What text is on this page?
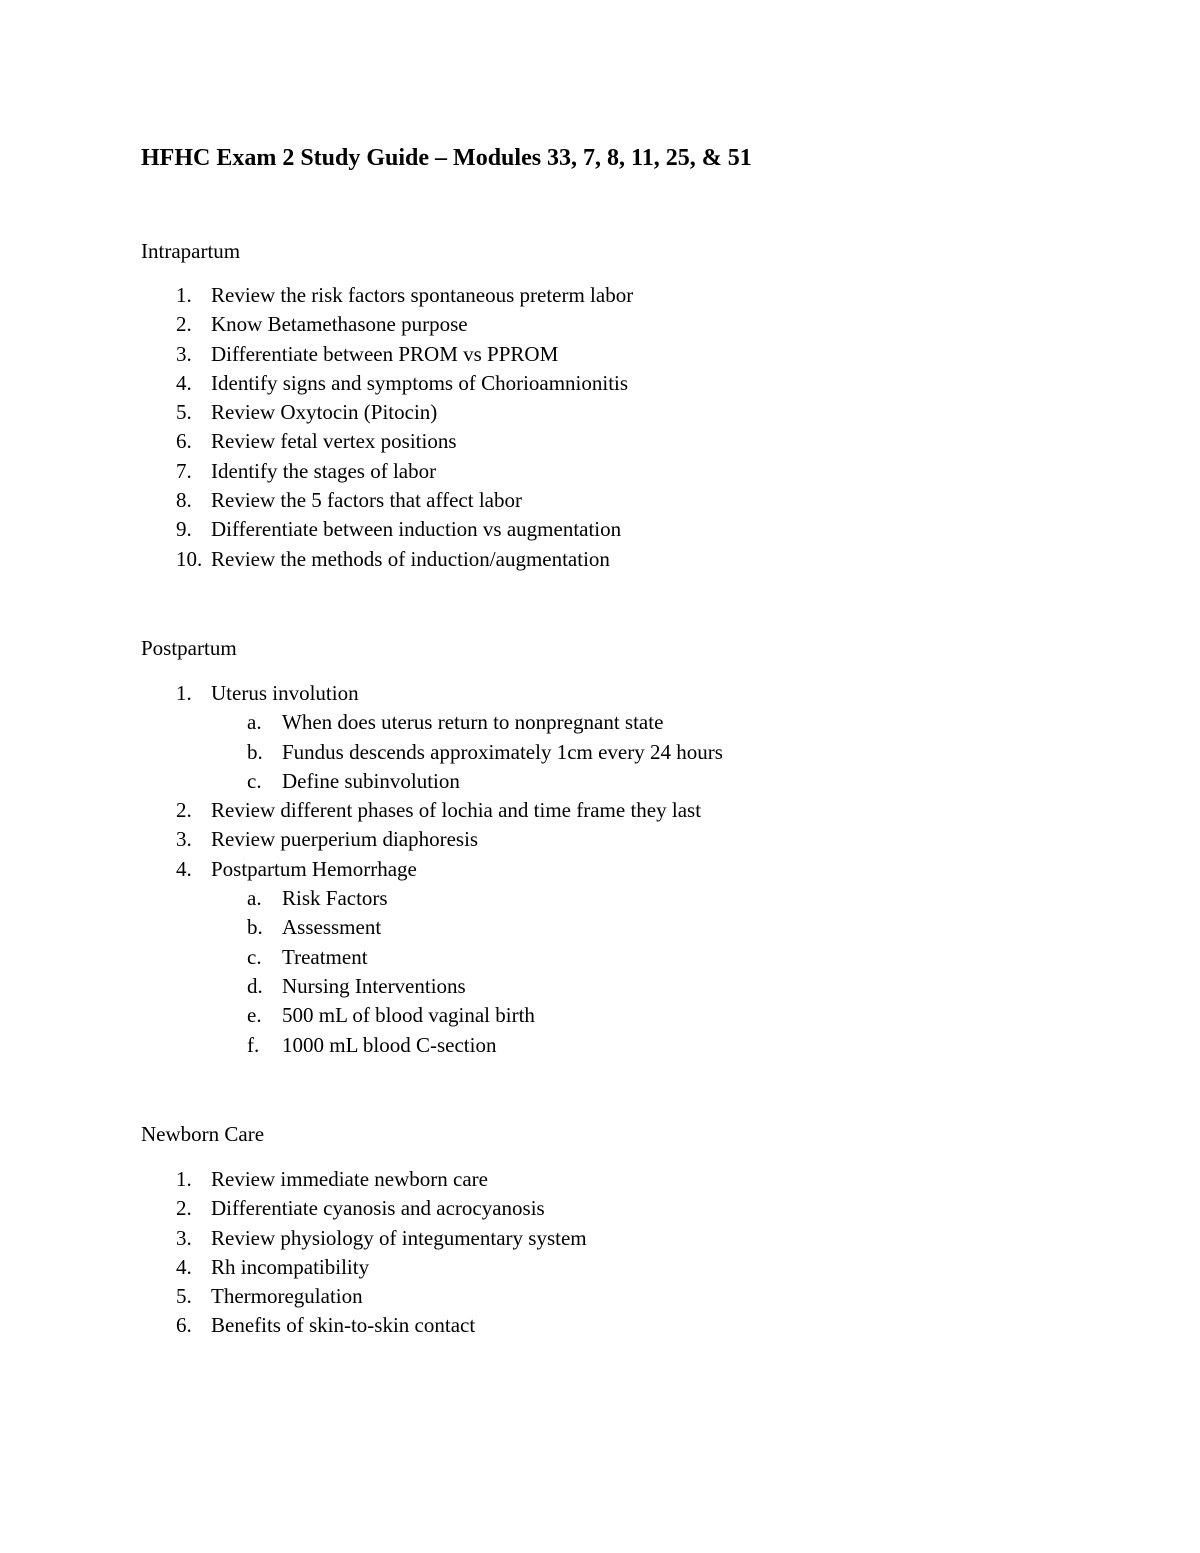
HFHC Exam 2 Study Guide – Modules 33, 7, 8, 11, 25, & 51
Intrapartum
1. Review the risk factors spontaneous preterm labor
2. Know Betamethasone purpose
3. Differentiate between PROM vs PPROM
4. Identify signs and symptoms of Chorioamnionitis
5. Review Oxytocin (Pitocin)
6. Review fetal vertex positions
7. Identify the stages of labor
8. Review the 5 factors that affect labor
9. Differentiate between induction vs augmentation
10. Review the methods of induction/augmentation
Postpartum
1. Uterus involution
a. When does uterus return to nonpregnant state
b. Fundus descends approximately 1cm every 24 hours
c. Define subinvolution
2. Review different phases of lochia and time frame they last
3. Review puerperium diaphoresis
4. Postpartum Hemorrhage
a. Risk Factors
b. Assessment
c. Treatment
d. Nursing Interventions
e. 500 mL of blood vaginal birth
f. 1000 mL blood C-section
Newborn Care
1. Review immediate newborn care
2. Differentiate cyanosis and acrocyanosis
3. Review physiology of integumentary system
4. Rh incompatibility
5. Thermoregulation
6. Benefits of skin-to-skin contact
